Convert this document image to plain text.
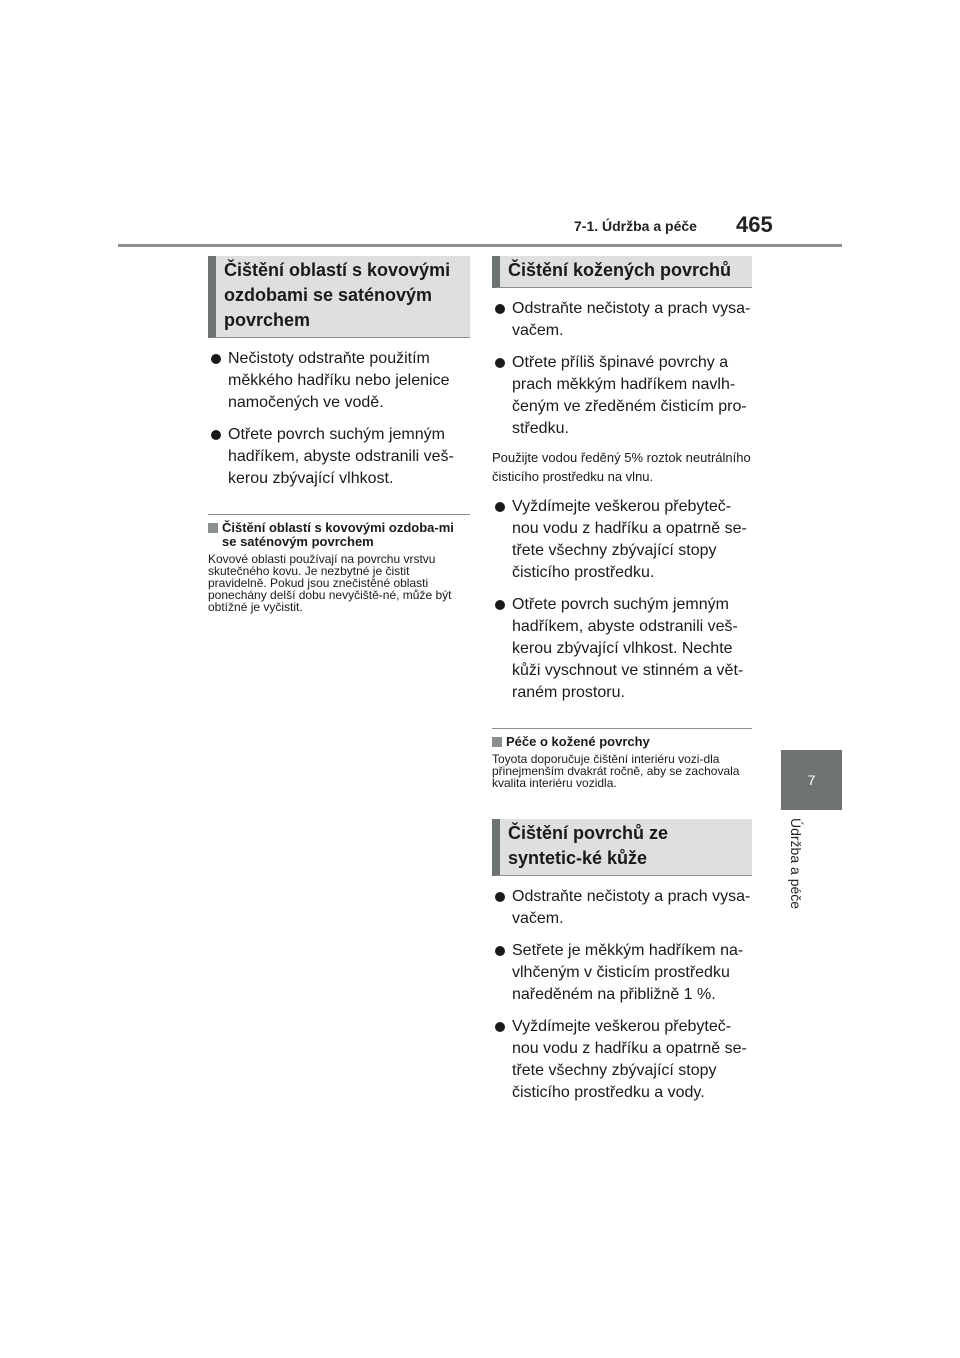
7-1. Údržba a péče 465
7
Údržba a péče
Čištění oblastí s kovovými ozdobami se saténovým povrchem
Nečistoty odstraňte použitím měkkého hadříku nebo jelenice namočených ve vodě.
Otřete povrch suchým jemným hadříkem, abyste odstranili veš-kerou zbývající vlhkost.
Čištění oblastí s kovovými ozdoba-mi se saténovým povrchem
Kovové oblasti používají na povrchu vrstvu skutečného kovu. Je nezbytné je čistit pravidelně. Pokud jsou znečistěné oblasti ponechány delší dobu nevyčiště-né, může být obtížné je vyčistit.
Čištění kožených povrchů
Odstraňte nečistoty a prach vysa-vačem.
Otřete příliš špinavé povrchy a prach měkkým hadříkem navlh-čeným ve zředěném čisticím pro-středku.
Použijte vodou ředěný 5% roztok neutrálního čisticího prostředku na vlnu.
Vyždímejte veškerou přebyteč-nou vodu z hadříku a opatrně se-třete všechny zbývající stopy čisticího prostředku.
Otřete povrch suchým jemným hadříkem, abyste odstranili veš-kerou zbývající vlhkost. Nechte kůži vyschnout ve stinném a vět-raném prostoru.
Péče o kožené povrchy
Toyota doporučuje čištění interiéru vozi-dla přinejmenším dvakrát ročně, aby se zachovala kvalita interiéru vozidla.
Čištění povrchů ze syntetic-ké kůže
Odstraňte nečistoty a prach vysa-vačem.
Setřete je měkkým hadříkem na-vlhčeným v čisticím prostředku naředěném na přibližně 1 %.
Vyždímejte veškerou přebyteč-nou vodu z hadříku a opatrně se-třete všechny zbývající stopy čisticího prostředku a vody.
